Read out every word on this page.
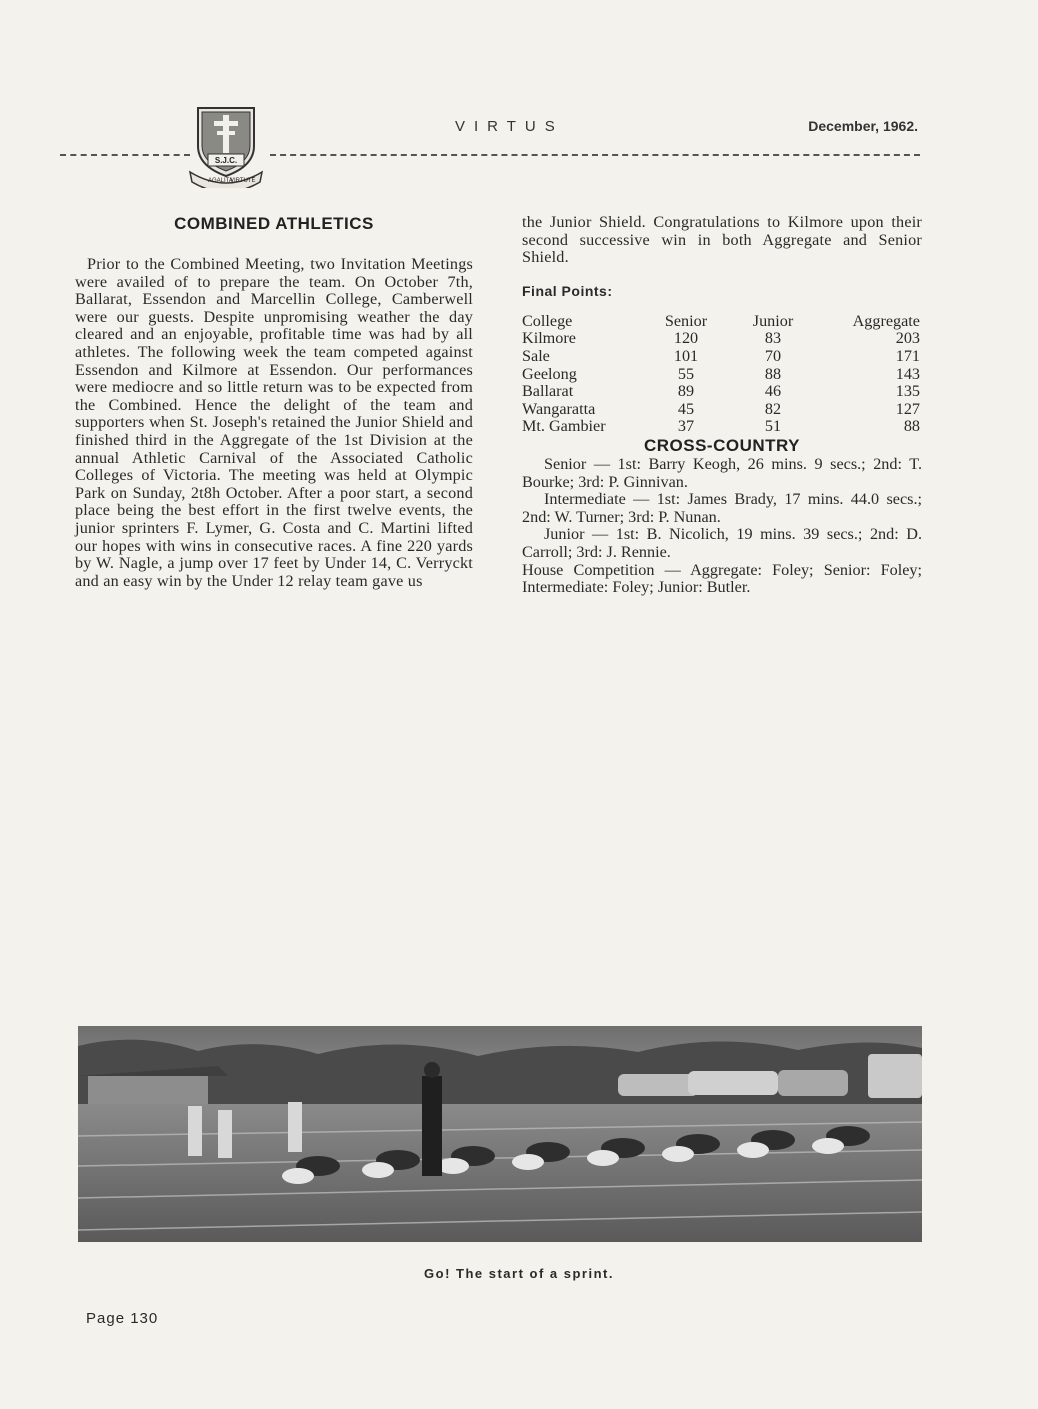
S.J.C.
AGALITA
VIRTUTE
VIRTUS	December, 1962.
COMBINED ATHLETICS

Prior to the Combined Meeting, two Invitation Meetings were availed of to prepare the team. On October 7th, Ballarat, Essendon and Marcellin College, Camberwell were our guests. Despite unpromising weather the day cleared and an enjoyable, profitable time was had by all athletes. The following week the team competed against Essendon and Kilmore at Essendon. Our performances were mediocre and so little return was to be expected from the Combined. Hence the delight of the team and supporters when St. Joseph's retained the Junior Shield and finished third in the Aggregate of the 1st Division at the annual Athletic Carnival of the Associated Catholic Colleges of Victoria. The meeting was held at Olympic Park on Sunday, 2t8h October. After a poor start, a second place being the best effort in the first twelve events, the junior sprinters F. Lymer, G. Costa and C. Martini lifted our hopes with wins in consecutive races. A fine 220 yards by W. Nagle, a jump over 17 feet by Under 14, C. Verryckt and an easy win by the Under 12 relay team gave us

the Junior Shield. Congratulations to Kilmore upon their second successive win in both Aggregate and Senior Shield.

Final Points:
College	Senior	Junior	Aggregate
Kilmore	120	83	203
Sale	101	70	171
Geelong	55	88	143
Ballarat	89	46	135
Wangaratta	45	82	127
Mt. Gambier	37	51	88
CROSS-COUNTRY

Senior — 1st: Barry Keogh, 26 mins. 9 secs.; 2nd: T. Bourke; 3rd: P. Ginnivan.

Intermediate — 1st: James Brady, 17 mins. 44.0 secs.; 2nd: W. Turner; 3rd: P. Nunan.

Junior — 1st: B. Nicolich, 19 mins. 39 secs.; 2nd: D. Carroll; 3rd: J. Rennie.

House Competition — Aggregate: Foley; Senior: Foley; Intermediate: Foley; Junior: Butler.

Go! The start of a sprint.
Page 130
